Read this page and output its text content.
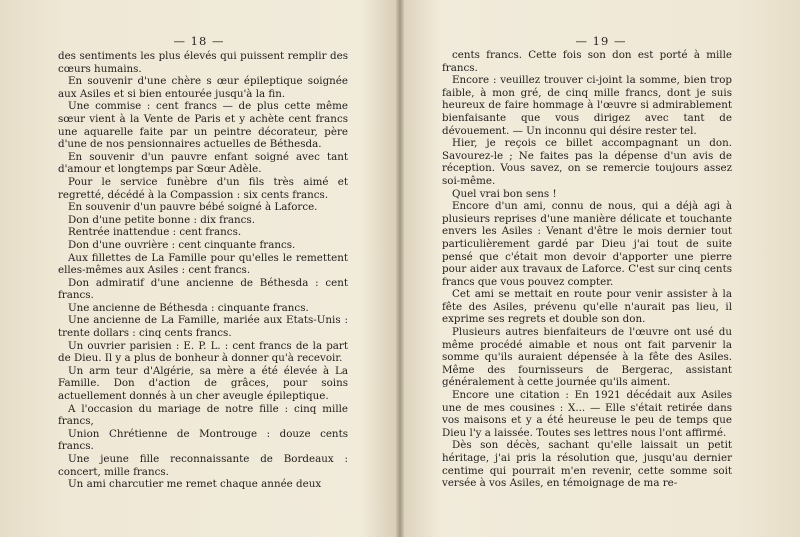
— 18 —

des sentiments les plus élevés qui puissent remplir des cœurs humains.

En souvenir d'une chère s œur épileptique soignée aux Asiles et si bien entourée jusqu'à la fin.

Une commise : cent francs — de plus cette même sœur vient à la Vente de Paris et y achète cent francs une aquarelle faite par un peintre décorateur, père d'une de nos pensionnaires actuelles de Béthesda.

En souvenir d'un pauvre enfant soigné avec tant d'amour et longtemps par Sœur Adèle.

Pour le service funèbre d'un fils très aimé et regretté, décédé à la Compassion : six cents francs.

En souvenir d'un pauvre bébé soigné à Laforce.

Don d'une petite bonne : dix francs.

Rentrée inattendue : cent francs.

Don d'une ouvrière : cent cinquante francs.

Aux fillettes de La Famille pour qu'elles le remettent elles-mêmes aux Asiles : cent francs.

Don admiratif d'une ancienne de Béthesda : cent francs.

Une ancienne de Béthesda : cinquante francs.

Une ancienne de La Famille, mariée aux Etats-Unis : trente dollars : cinq cents francs.

Un ouvrier parisien : E. P. L. : cent francs de la part de Dieu. Il y a plus de bonheur à donner qu'à recevoir.

Un arm teur d'Algérie, sa mère a été élevée à La Famille. Don d'action de grâces, pour soins actuellement donnés à un cher aveugle épileptique.

A l'occasion du mariage de notre fille : cinq mille francs,

Union Chrétienne de Montrouge : douze cents francs.

Une jeune fille reconnaissante de Bordeaux : concert, mille francs.

Un ami charcutier me remet chaque année deux

— 19 —

cents francs. Cette fois son don est porté à mille francs.

Encore : veuillez trouver ci-joint la somme, bien trop faible, à mon gré, de cinq mille francs, dont je suis heureux de faire hommage à l'œuvre si admirablement bienfaisante que vous dirigez avec tant de dévouement. — Un inconnu qui désire rester tel.

Hier, je reçois ce billet accompagnant un don. Savourez-le ; Ne faites pas la dépense d'un avis de réception. Vous savez, on se remercie toujours assez soi-même.

Quel vrai bon sens !

Encore d'un ami, connu de nous, qui a déjà agi à plusieurs reprises d'une manière délicate et touchante envers les Asiles : Venant d'être le mois dernier tout particulièrement gardé par Dieu j'ai tout de suite pensé que c'était mon devoir d'apporter une pierre pour aider aux travaux de Laforce. C'est sur cinq cents francs que vous pouvez compter.

Cet ami se mettait en route pour venir assister à la fête des Asiles, prévenu qu'elle n'aurait pas lieu, il exprime ses regrets et double son don.

Plusieurs autres bienfaiteurs de l'œuvre ont usé du même procédé aimable et nous ont fait parvenir la somme qu'ils auraient dépensée à la fête des Asiles. Même des fournisseurs de Bergerac, assistant généralement à cette journée qu'ils aiment.

Encore une citation : En 1921 décédait aux Asiles une de mes cousines : X... — Elle s'était retirée dans vos maisons et y a été heureuse le peu de temps que Dieu l'y a laissée. Toutes ses lettres nous l'ont affirmé.

Dès son décès, sachant qu'elle laissait un petit héritage, j'ai pris la résolution que, jusqu'au dernier centime qui pourrait m'en revenir, cette somme soit versée à vos Asiles, en témoignage de ma re-
